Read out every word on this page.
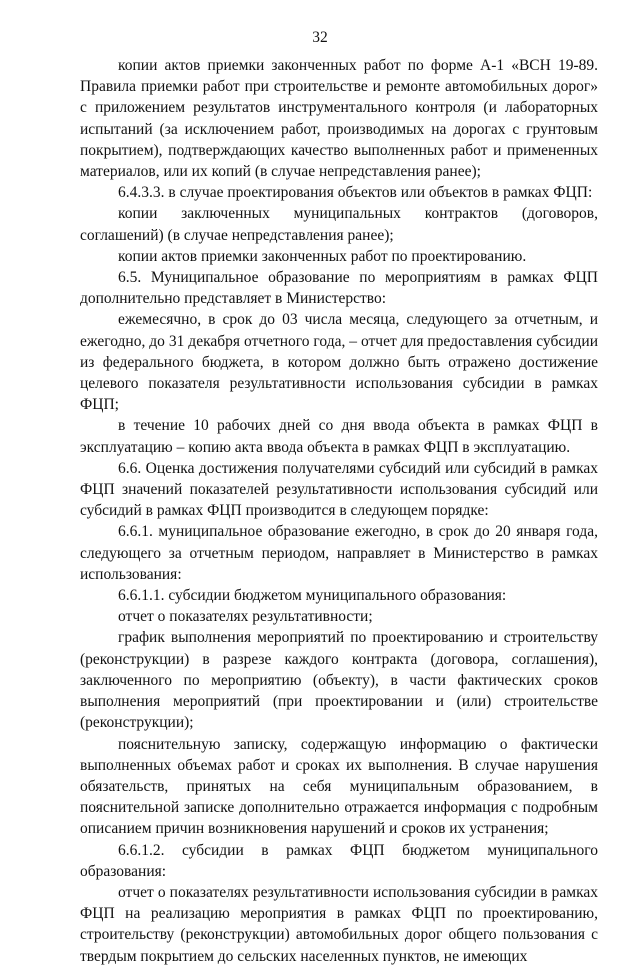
32

копии актов приемки законченных работ по форме А-1 «ВСН 19-89. Правила приемки работ при строительстве и ремонте автомобильных дорог» с приложением результатов инструментального контроля (и лабораторных испытаний (за исключением работ, производимых на дорогах с грунтовым покрытием), подтверждающих качество выполненных работ и примененных материалов, или их копий (в случае непредставления ранее);

6.4.3.3. в случае проектирования объектов или объектов в рамках ФЦП:

копии заключенных муниципальных контрактов (договоров, соглашений) (в случае непредставления ранее);

копии актов приемки законченных работ по проектированию.

6.5. Муниципальное образование по мероприятиям в рамках ФЦП дополнительно представляет в Министерство:

ежемесячно, в срок до 03 числа месяца, следующего за отчетным, и ежегодно, до 31 декабря отчетного года, – отчет для предоставления субсидии из федерального бюджета, в котором должно быть отражено достижение целевого показателя результативности использования субсидии в рамках ФЦП;

в течение 10 рабочих дней со дня ввода объекта в рамках ФЦП в эксплуатацию – копию акта ввода объекта в рамках ФЦП в эксплуатацию.

6.6. Оценка достижения получателями субсидий или субсидий в рамках ФЦП значений показателей результативности использования субсидий или субсидий в рамках ФЦП производится в следующем порядке:

6.6.1. муниципальное образование ежегодно, в срок до 20 января года, следующего за отчетным периодом, направляет в Министерство в рамках использования:

6.6.1.1. субсидии бюджетом муниципального образования:

отчет о показателях результативности;

график выполнения мероприятий по проектированию и строительству (реконструкции) в разрезе каждого контракта (договора, соглашения), заключенного по мероприятию (объекту), в части фактических сроков выполнения мероприятий (при проектировании и (или) строительстве (реконструкции);

пояснительную записку, содержащую информацию о фактически выполненных объемах работ и сроках их выполнения. В случае нарушения обязательств, принятых на себя муниципальным образованием, в пояснительной записке дополнительно отражается информация с подробным описанием причин возникновения нарушений и сроков их устранения;

6.6.1.2. субсидии в рамках ФЦП бюджетом муниципального образования:

отчет о показателях результативности использования субсидии в рамках ФЦП на реализацию мероприятия в рамках ФЦП по проектированию, строительству (реконструкции) автомобильных дорог общего пользования с твердым покрытием до сельских населенных пунктов, не имеющих
